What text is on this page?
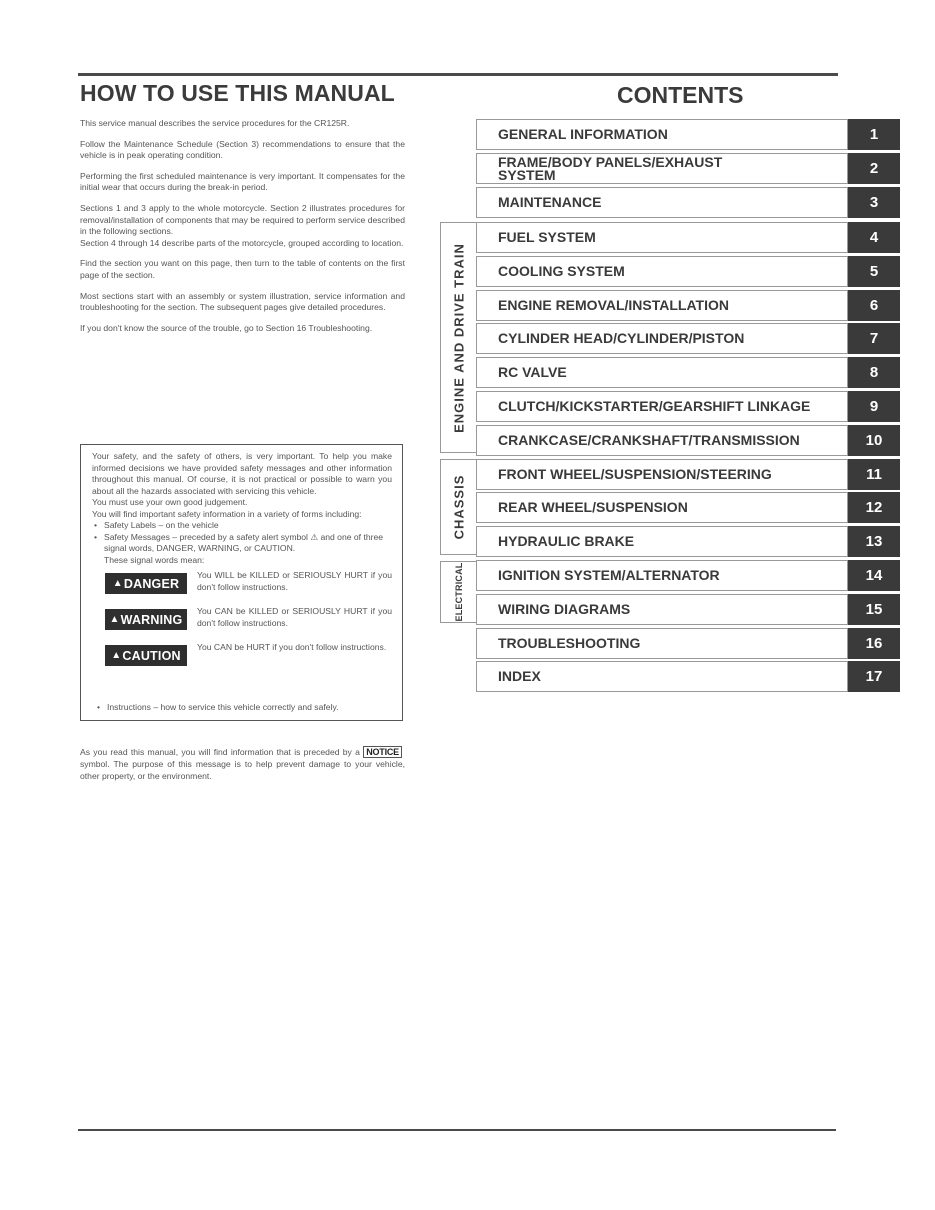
HOW TO USE THIS MANUAL

This service manual describes the service procedures for the CR125R.

Follow the Maintenance Schedule (Section 3) recommendations to ensure that the vehicle is in peak operating condition.

Performing the first scheduled maintenance is very important. It compensates for the initial wear that occurs during the break-in period.

Sections 1 and 3 apply to the whole motorcycle. Section 2 illustrates procedures for removal/installation of components that may be required to perform service described in the following sections.

Section 4 through 14 describe parts of the motorcycle, grouped according to location.

Find the section you want on this page, then turn to the table of contents on the first page of the section.

Most sections start with an assembly or system illustration, service information and troubleshooting for the section. The subsequent pages give detailed procedures.

If you don't know the source of the trouble, go to Section 16 Troubleshooting.

Your safety, and the safety of others, is very important. To help you make informed decisions we have provided safety messages and other information throughout this manual. Of course, it is not practical or possible to warn you about all the hazards associated with servicing this vehicle.

You must use your own good judgement.

You will find important safety information in a variety of forms including:

• Safety Labels – on the vehicle
• Safety Messages – preceded by a safety alert symbol ⚠ and one of three signal words, DANGER, WARNING, or CAUTION.

These signal words mean:

▲ DANGER
You WILL be KILLED or SERIOUSLY HURT if you don't follow instructions.
▲ WARNING
You CAN be KILLED or SERIOUSLY HURT if you don't follow instructions.
▲ CAUTION
You CAN be HURT if you don't follow instructions.
• Instructions – how to service this vehicle correctly and safely.

As you read this manual, you will find information that is preceded by a NOTICEsymbol. The purpose of this message is to help prevent damage to your vehicle, other property, or the environment.

CONTENTS
ENGINE AND DRIVE TRAIN
CHASSIS
ELECTRICAL
GENERAL INFORMATION	1
FRAME/BODY PANELS/EXHAUST
SYSTEM	2
MAINTENANCE	3
FUEL SYSTEM	4
COOLING SYSTEM	5
ENGINE REMOVAL/INSTALLATION	6
CYLINDER HEAD/CYLINDER/PISTON	7
RC VALVE	8
CLUTCH/KICKSTARTER/GEARSHIFT LINKAGE	9
CRANKCASE/CRANKSHAFT/TRANSMISSION	10
FRONT WHEEL/SUSPENSION/STEERING	11
REAR WHEEL/SUSPENSION	12
HYDRAULIC BRAKE	13
IGNITION SYSTEM/ALTERNATOR	14
WIRING DIAGRAMS	15
TROUBLESHOOTING	16
INDEX	17
